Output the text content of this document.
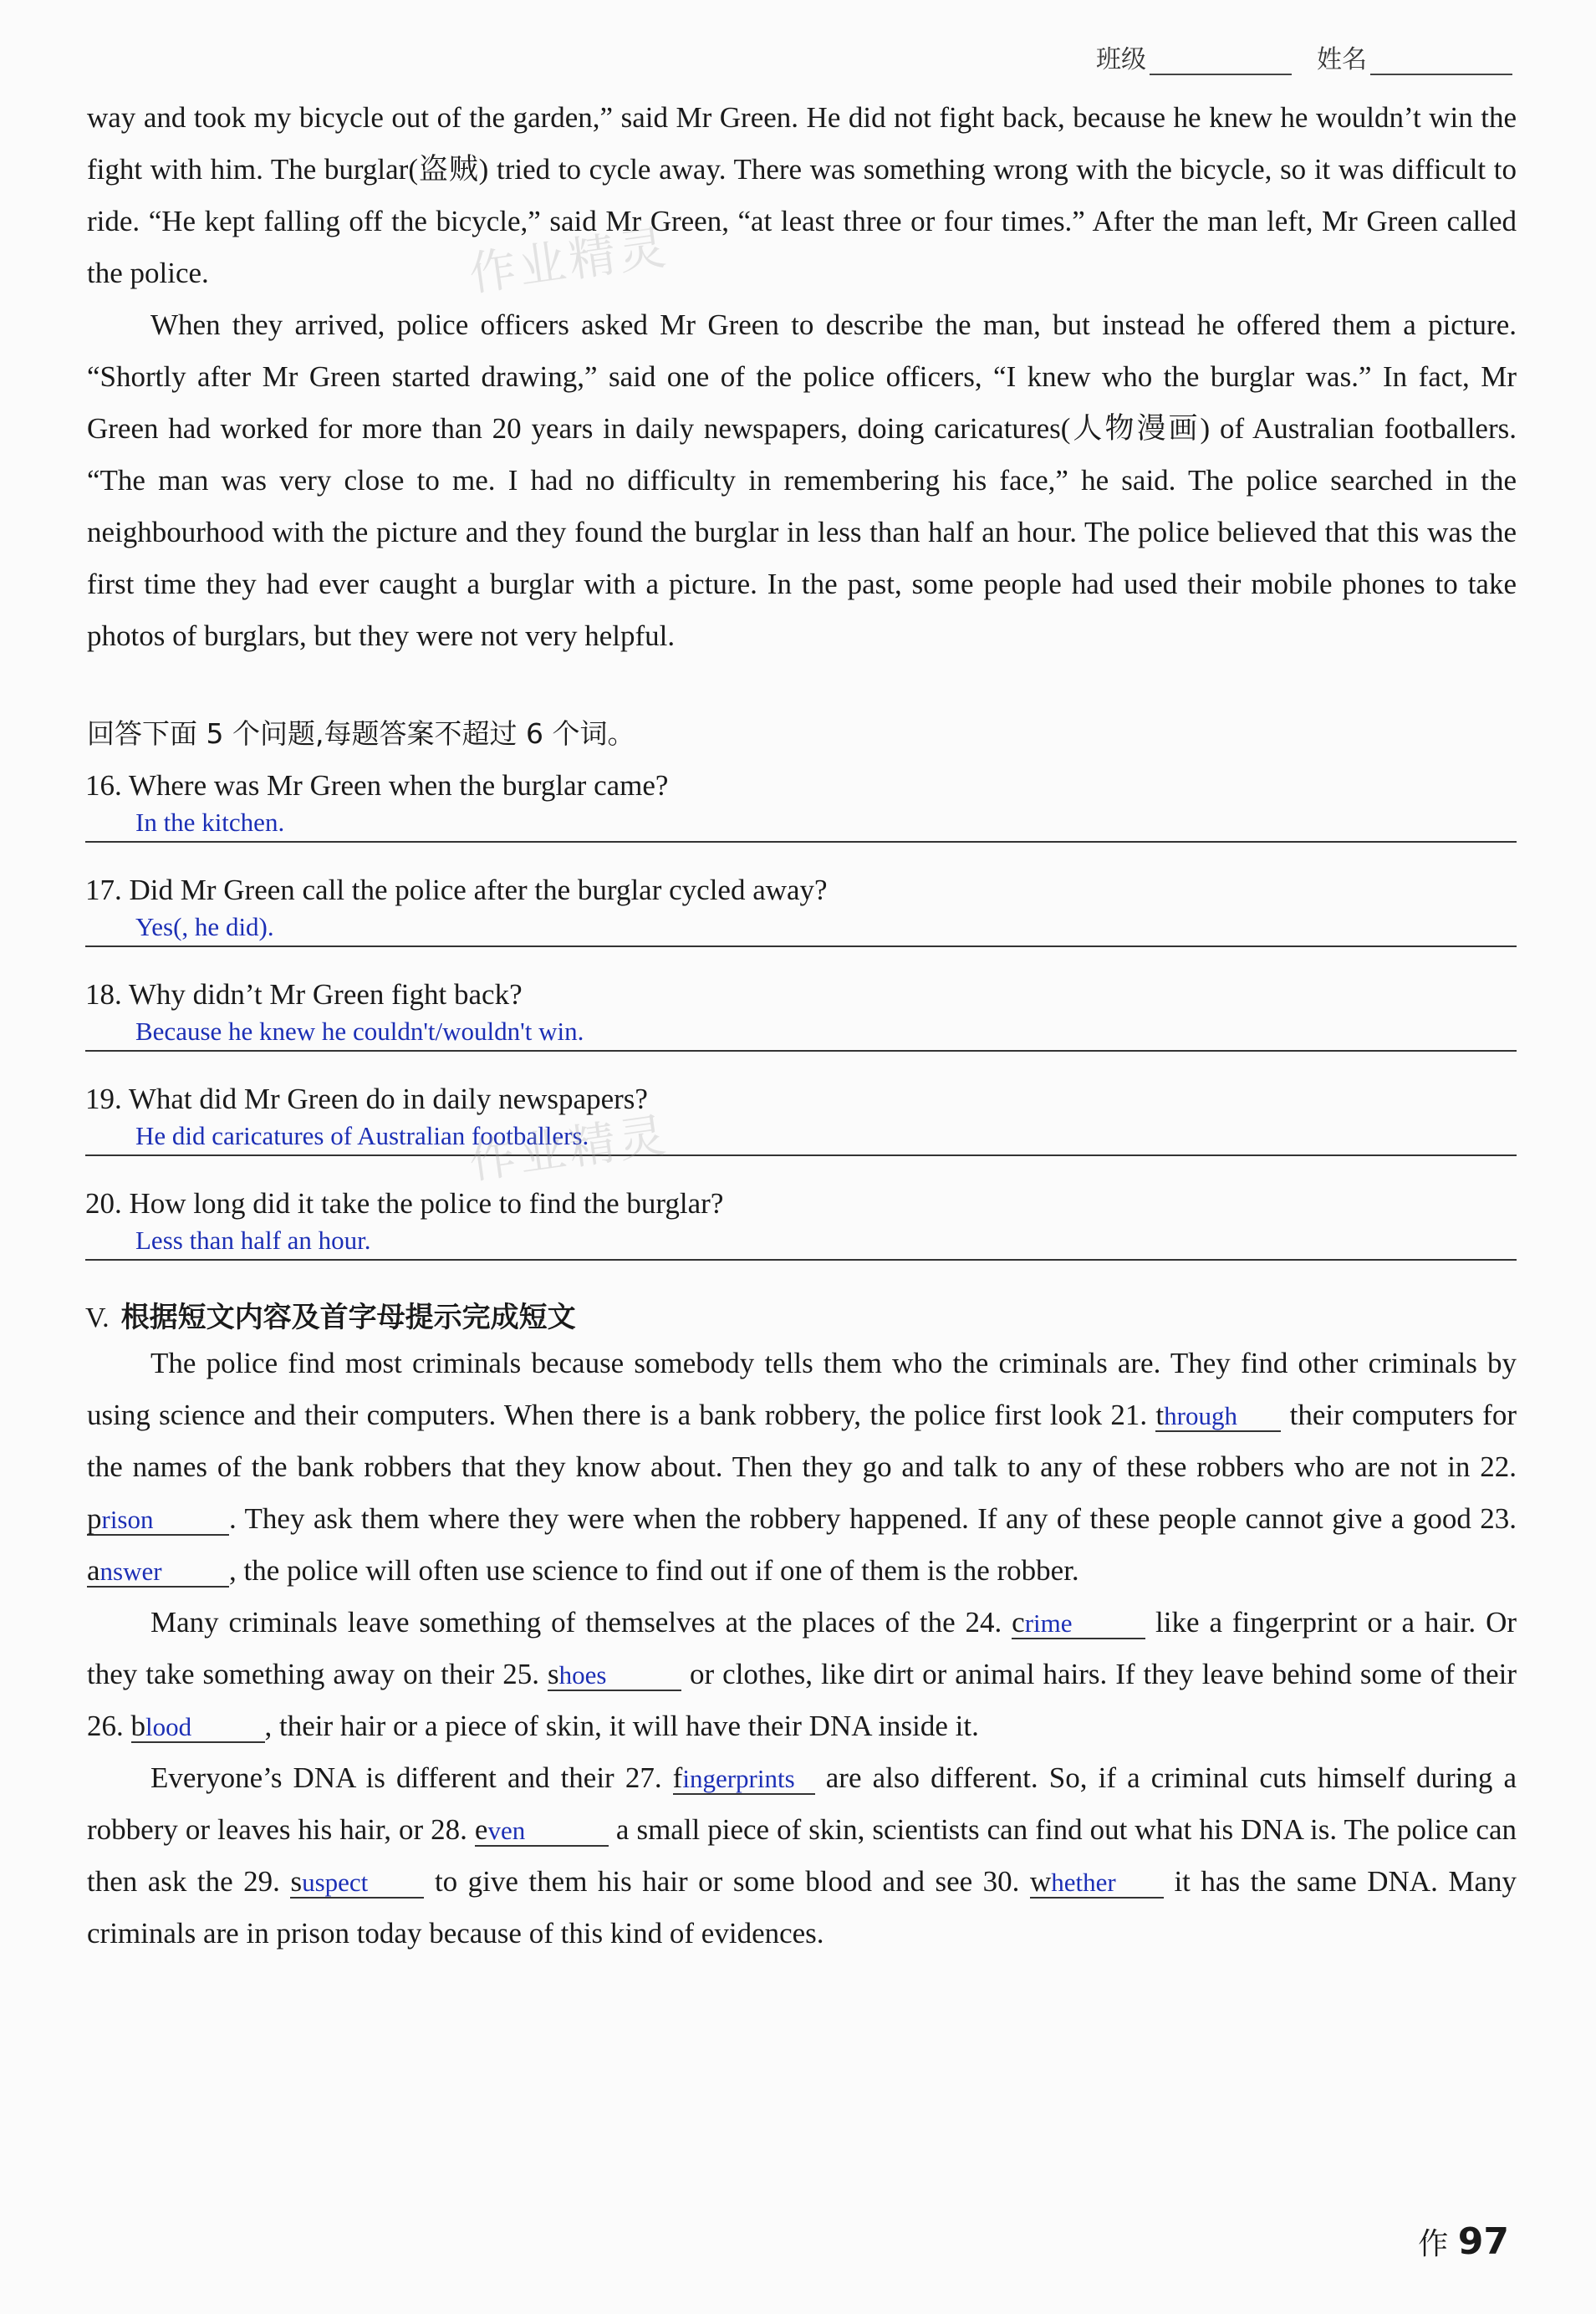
班级	姓名

way and took my bicycle out of the garden,” said Mr Green. He did not fight back, because he knew he wouldn’t win the fight with him. The burglar(盗贼) tried to cycle away. There was something wrong with the bicycle, so it was difficult to ride. “He kept falling off the bicycle,” said Mr Green, “at least three or four times.” After the man left, Mr Green called the police.

When they arrived, police officers asked Mr Green to describe the man, but instead he offered them a picture. “Shortly after Mr Green started drawing,” said one of the police officers, “I knew who the burglar was.” In fact, Mr Green had worked for more than 20 years in daily newspapers, doing caricatures(人物漫画) of Australian footballers. “The man was very close to me. I had no difficulty in remembering his face,” he said. The police searched in the neighbourhood with the picture and they found the burglar in less than half an hour. The police believed that this was the first time they had ever caught a burglar with a picture. In the past, some people had used their mobile phones to take photos of burglars, but they were not very helpful.

回答下面 5 个问题,每题答案不超过 6 个词。
16. Where was Mr Green when the burglar came?
In the kitchen.
17. Did Mr Green call the police after the burglar cycled away?
Yes(, he did).
18. Why didn’t Mr Green fight back?
Because he knew he couldn't/wouldn't win.
19. What did Mr Green do in daily newspapers?
He did caricatures of Australian footballers.
20. How long did it take the police to find the burglar?
Less than half an hour.
V. 根据短文内容及首字母提示完成短文

The police find most criminals because somebody tells them who the criminals are. They find other criminals by using science and their computers. When there is a bank robbery, the police first look 21. through their computers for the names of the bank robbers that they know about. Then they go and talk to any of these robbers who are not in 22. prison	. They ask them where they were when the robbery happened. If any of these people cannot give a good 23. answer , the police will often use science to find out if one of them is the robber.

Many criminals leave something of themselves at the places of the 24. crime	like a fingerprint or a hair. Or they take something away on their 25. shoes	or clothes, like dirt or animal hairs. If they leave behind some of their 26. blood , their hair or a piece of skin, it will have their DNA inside it.

Everyone’s DNA is different and their 27. fingerprints are also different. So, if a criminal cuts himself during a robbery or leaves his hair, or 28. even	a small piece of skin, scientists can find out what his DNA is. The police can then ask the 29. suspect to give them his hair or some blood and see 30. whether it has the same DNA. Many criminals are in prison today because of this kind of evidences.

作 97
作业精灵
作业精灵
